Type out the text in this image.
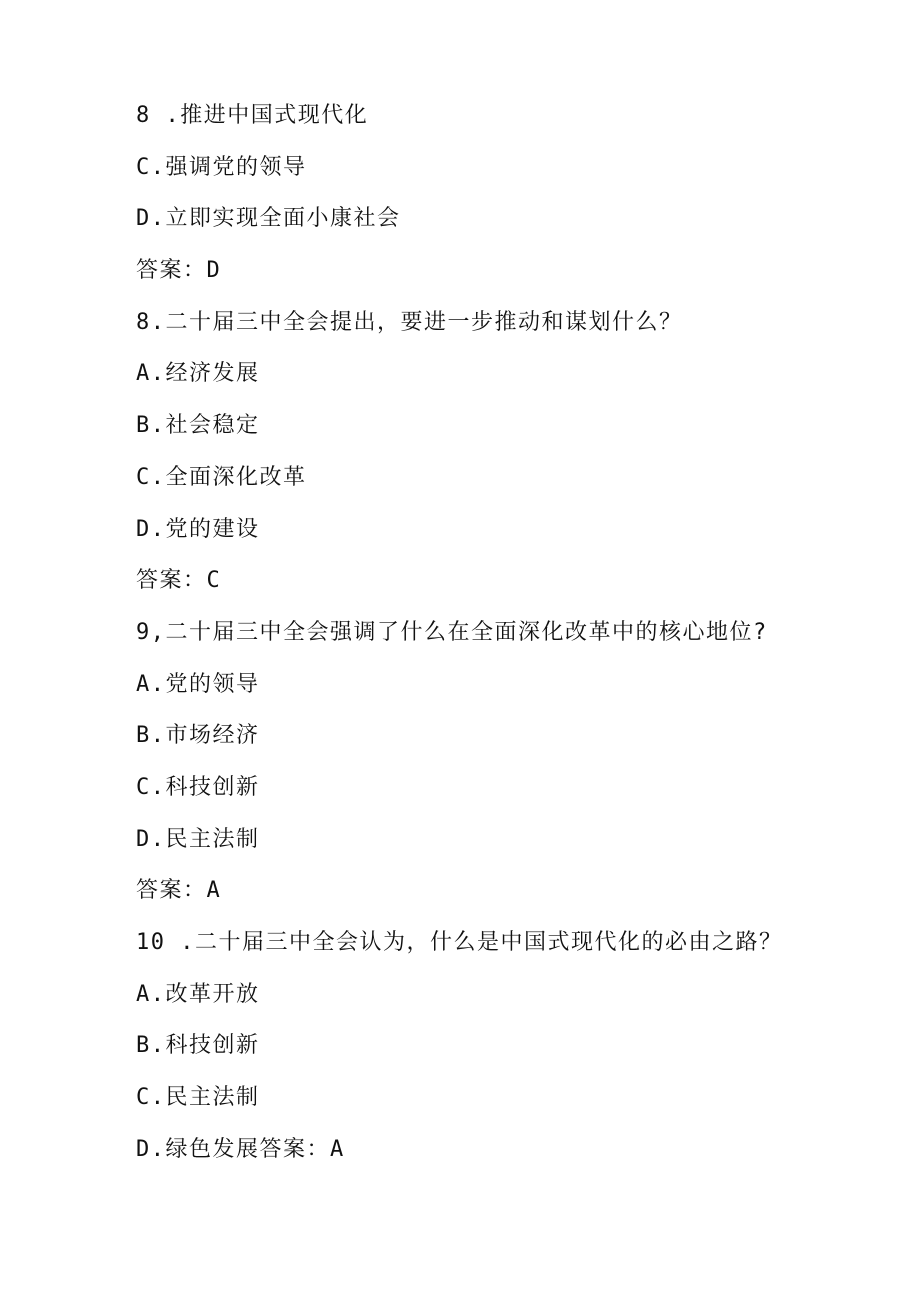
8 .推进中国式现代化
C.强调党的领导
D.立即实现全面小康社会
答案：D
8.二十届三中全会提出，要进一步推动和谋划什么？
A.经济发展
B.社会稳定
C.全面深化改革
D.党的建设
答案：C
9,二十届三中全会强调了什么在全面深化改革中的核心地位?
A.党的领导
B.市场经济
C.科技创新
D.民主法制
答案：A
10 .二十届三中全会认为，什么是中国式现代化的必由之路？
A.改革开放
B.科技创新
C.民主法制
D.绿色发展答案：A
